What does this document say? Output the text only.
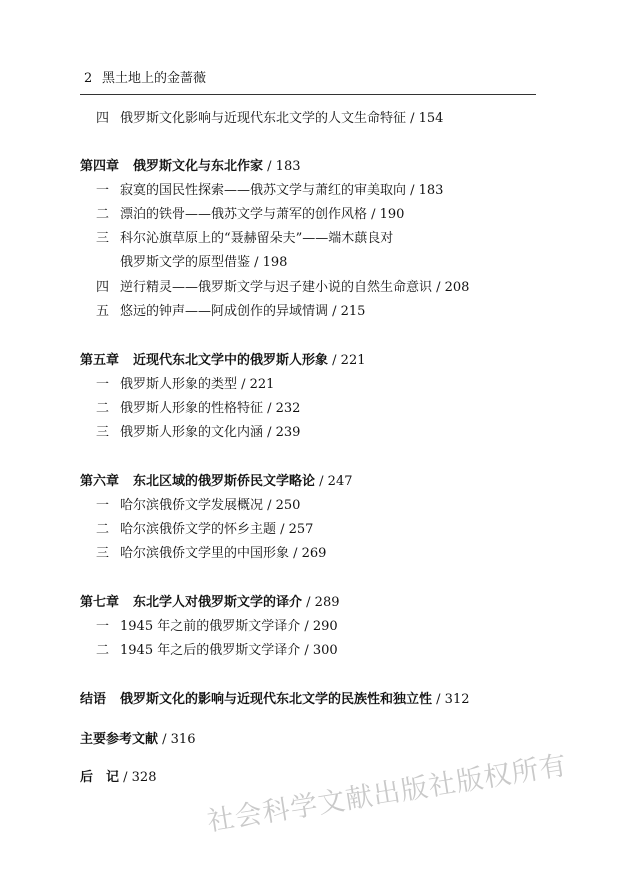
2 黑土地上的金蔷薇
四 俄罗斯文化影响与近现代东北文学的人文生命特征 / 154
第四章 俄罗斯文化与东北作家 / 183
一 寂寞的国民性探索——俄苏文学与萧红的审美取向 / 183
二 漂泊的铁骨——俄苏文学与萧军的创作风格 / 190
三 科尔沁旗草原上的“聂赫留朵夫”——端木蕻良对
俄罗斯文学的原型借鉴 / 198
四 逆行精灵——俄罗斯文学与迟子建小说的自然生命意识 / 208
五 悠远的钟声——阿成创作的异域情调 / 215
第五章 近现代东北文学中的俄罗斯人形象 / 221
一 俄罗斯人形象的类型 / 221
二 俄罗斯人形象的性格特征 / 232
三 俄罗斯人形象的文化内涵 / 239
第六章 东北区域的俄罗斯侨民文学略论 / 247
一 哈尔滨俄侨文学发展概况 / 250
二 哈尔滨俄侨文学的怀乡主题 / 257
三 哈尔滨俄侨文学里的中国形象 / 269
第七章 东北学人对俄罗斯文学的译介 / 289
一 1945 年之前的俄罗斯文学译介 / 290
二 1945 年之后的俄罗斯文学译介 / 300
结语 俄罗斯文化的影响与近现代东北文学的民族性和独立性 / 312
主要参考文献 / 316
后　记 / 328 社会科学文献出版社版权所有
